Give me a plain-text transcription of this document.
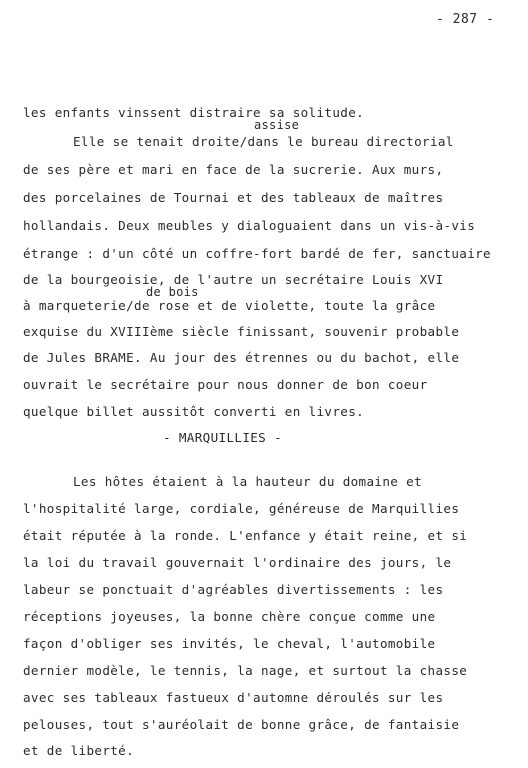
- 287 -
les enfants vinssent distraire sa solitude.
assise
Elle se tenait droite/dans le bureau directorial
de ses père et mari en face de la sucrerie. Aux murs,
des porcelaines de Tournai et des tableaux de maîtres
hollandais. Deux meubles y dialoguaient dans un vis-à-vis
étrange : d'un côté un coffre-fort bardé de fer, sanctuaire
de la bourgeoisie, de l'autre un secrétaire Louis XVI
de bois
à marqueterie/de rose et de violette, toute la grâce
exquise du XVIIIème siècle finissant, souvenir probable
de Jules BRAME. Au jour des étrennes ou du bachot, elle
ouvrait le secrétaire pour nous donner de bon coeur
quelque billet aussitôt converti en livres.
- MARQUILLIES -
Les hôtes étaient à la hauteur du domaine et
l'hospitalité large, cordiale, généreuse de Marquillies
était réputée à la ronde. L'enfance y était reine, et si
la loi du travail gouvernait l'ordinaire des jours, le
labeur se ponctuait d'agréables divertissements : les
réceptions joyeuses, la bonne chère conçue comme une
façon d'obliger ses invités, le cheval, l'automobile
dernier modèle, le tennis, la nage, et surtout la chasse
avec ses tableaux fastueux d'automne déroulés sur les
pelouses, tout s'auréolait de bonne grâce, de fantaisie
et de liberté.
